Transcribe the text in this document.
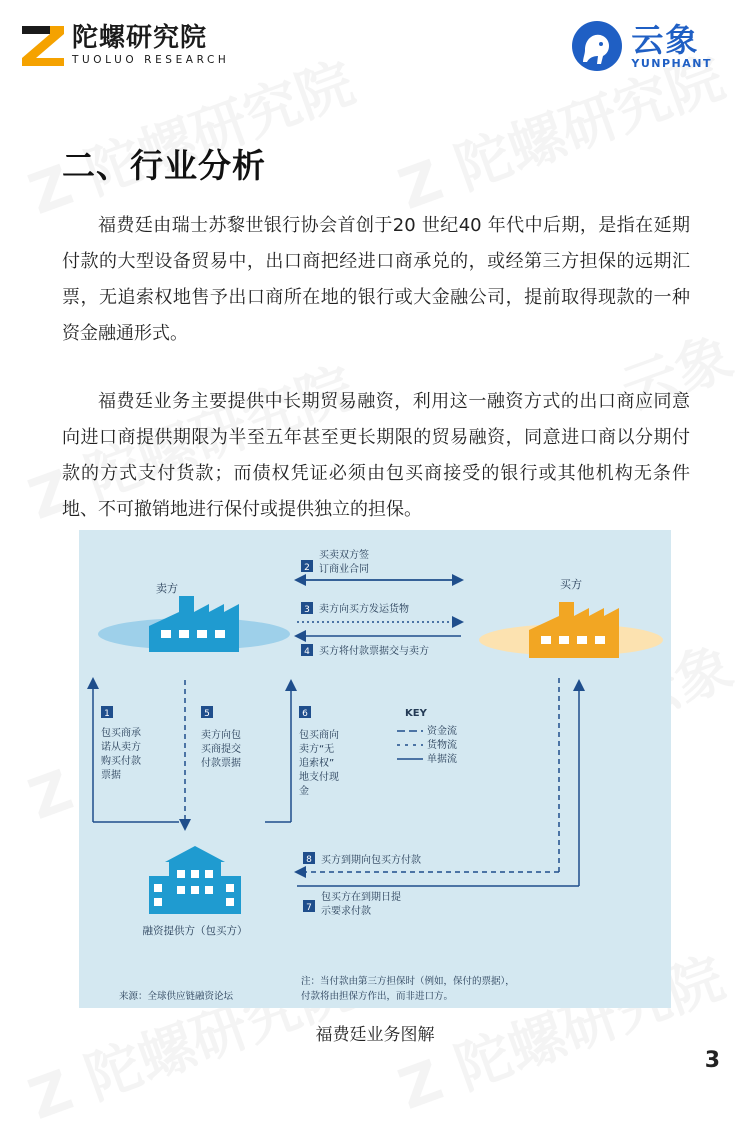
陀螺研究院
TUOLUO RESEARCH
云象
YUNPHANT
二、行业分析

福费廷由瑞士苏黎世银行协会首创于20 世纪40 年代中后期，是指在延期付款的大型设备贸易中，出口商把经进口商承兑的，或经第三方担保的远期汇票，无追索权地售予出口商所在地的银行或大金融公司，提前取得现款的一种资金融通形式。

福费廷业务主要提供中长期贸易融资，利用这一融资方式的出口商应同意向进口商提供期限为半至五年甚至更长期限的贸易融资，同意进口商以分期付款的方式支付货款；而债权凭证必须由包买商接受的银行或其他机构无条件地、不可撤销地进行保付或提供独立的担保。

卖方	买方
2
买卖双方签
订商业合同
3 卖方向买方发运货物
4 买方将付款票据交与卖方
1
包买商承
诺从卖方
购买付款
票据
5
卖方向包
买商提交
付款票据
6
包买商向
卖方“无
追索权”
地支付现
金
KEY
资金流
货物流
单据流
融资提供方（包买方）
8 买方到期向包买方付款
7
包买方在到期日提
示要求付款
注：当付款由第三方担保时（例如，保付的票据），
付款将由担保方作出，而非进口方。
来源：全球供应链融资论坛
福费廷业务图解
3
